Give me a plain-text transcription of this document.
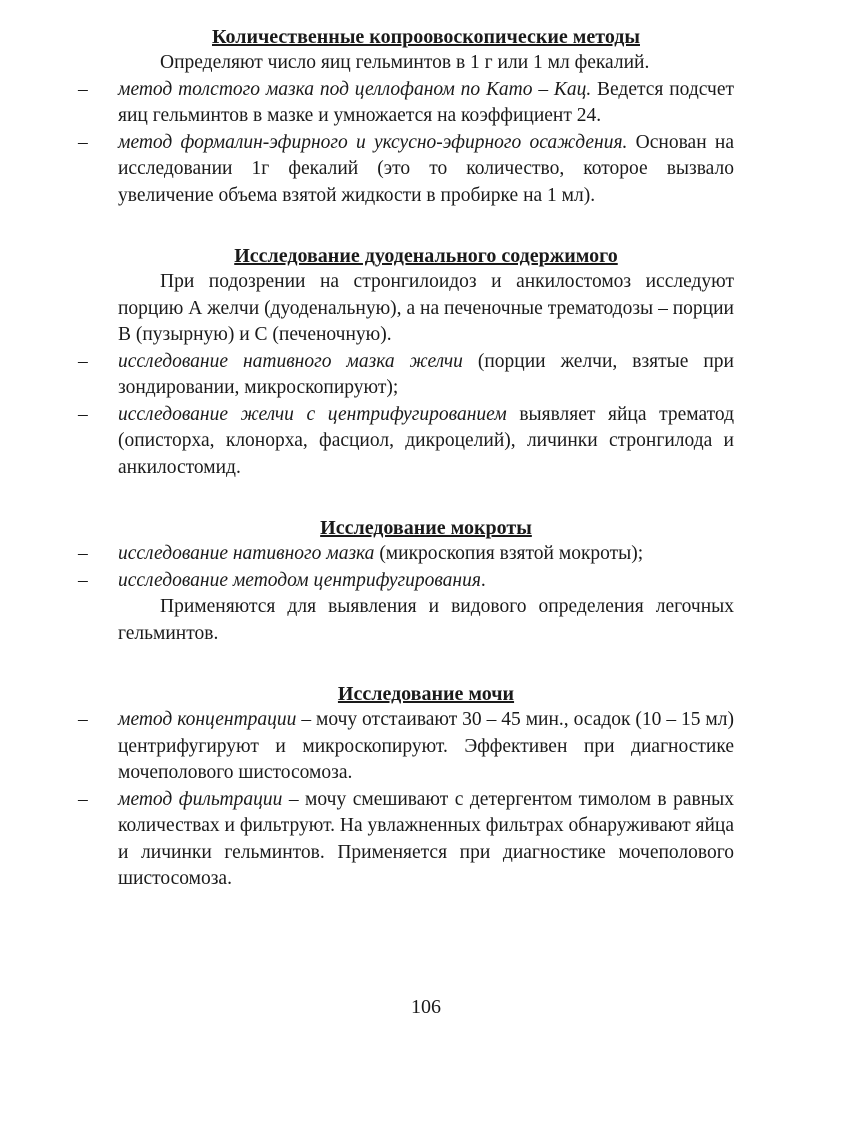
Количественные копроовоскопические методы

Определяют число яиц гельминтов в 1 г или 1 мл фекалий.

–	метод толстого мазка под целлофаном по Като – Кац. Ведется подсчет яиц гельминтов в мазке и умножается на коэффициент 24.
–	метод формалин-эфирного и уксусно-эфирного осаждения. Основан на исследовании 1г фекалий (это то количество, которое вызвало увеличение объема взятой жидкости в пробирке на 1 мл).
Исследование дуоденального содержимого

При подозрении на стронгилоидоз и анкилостомоз исследуют порцию А желчи (дуоденальную), а на печеночные трематодозы – порции В (пузырную) и С (печеночную).

–	исследование нативного мазка желчи (порции желчи, взятые при зондировании, микроскопируют);
–	исследование желчи с центрифугированием выявляет яйца трематод (описторха, клонорха, фасциол, дикроцелий), личинки стронгилода и анкилостомид.
Исследование мокроты
–	исследование нативного мазка (микроскопия взятой мокроты);
–	исследование методом центрифугирования.

Применяются для выявления и видового определения легочных гельминтов.

Исследование мочи
–	метод концентрации – мочу отстаивают 30 – 45 мин., осадок (10 – 15 мл) центрифугируют и микроскопируют. Эффективен при диагностике мочеполового шистосомоза.
–	метод фильтрации – мочу смешивают с детергентом тимолом в равных количествах и фильтруют. На увлажненных фильтрах обнаруживают яйца и личинки гельминтов. Применяется при диагностике мочеполового шистосомоза.
106
